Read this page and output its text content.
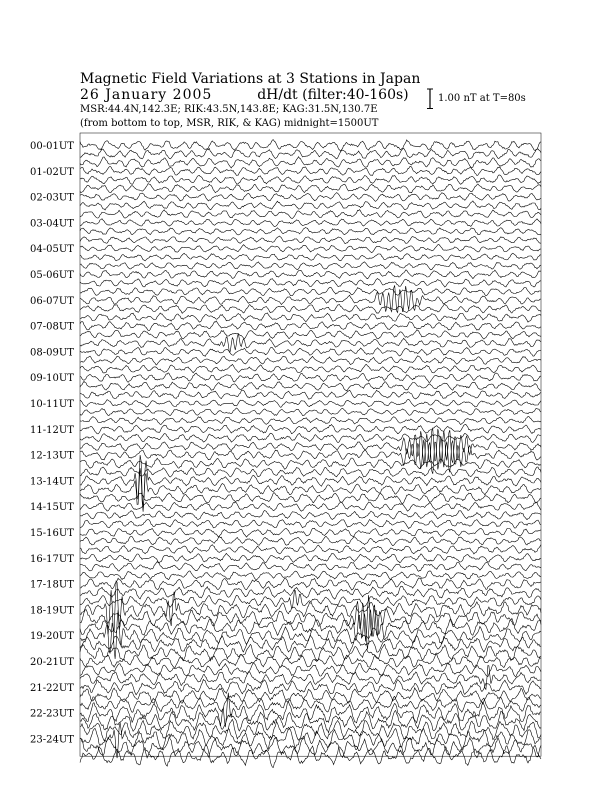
Magnetic Field Variations at 3 Stations in Japan
26 January 2005	dH/dt (filter:40-160s)
MSR:44.4N,142.3E; RIK:43.5N,143.8E; KAG:31.5N,130.7E
(from bottom to top, MSR, RIK, & KAG) midnight=1500UT
1.00 nT at T=80s
00-01UT
01-02UT
02-03UT
03-04UT
04-05UT
05-06UT
06-07UT
07-08UT
08-09UT
09-10UT
10-11UT
11-12UT
12-13UT
13-14UT
14-15UT
15-16UT
16-17UT
17-18UT
18-19UT
19-20UT
20-21UT
21-22UT
22-23UT
23-24UT
